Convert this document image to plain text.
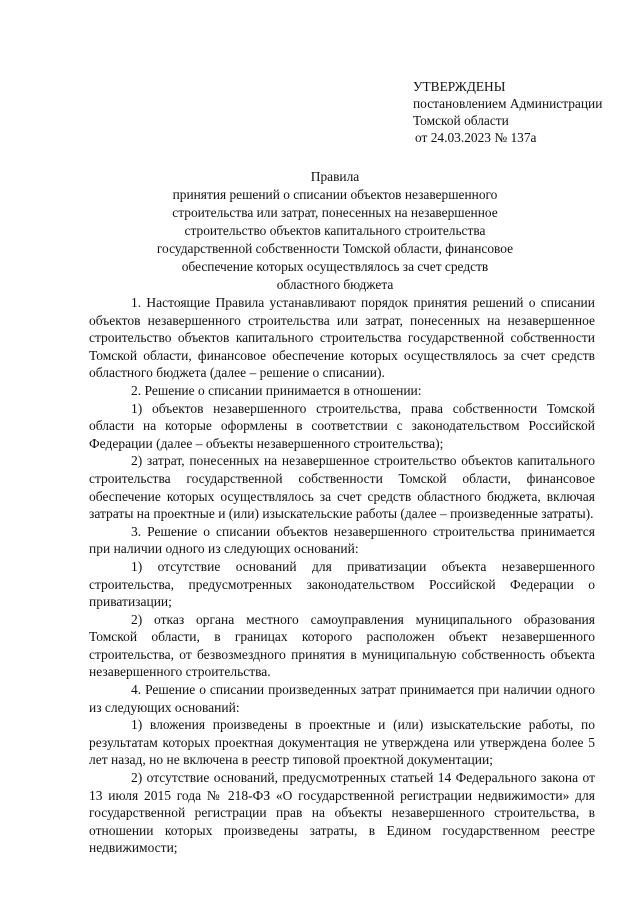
УТВЕРЖДЕНЫ
постановлением Администрации
Томской области
от 24.03.2023 № 137а
Правила
принятия решений о списании объектов незавершенного
строительства или затрат, понесенных на незавершенное
строительство объектов капитального строительства
государственной собственности Томской области, финансовое
обеспечение которых осуществлялось за счет средств
областного бюджета

1. Настоящие Правила устанавливают порядок принятия решений о списании объектов незавершенного строительства или затрат, понесенных на незавершенное строительство объектов капитального строительства государственной собственности Томской области, финансовое обеспечение которых осуществлялось за счет средств областного бюджета (далее – решение о списании).

2. Решение о списании принимается в отношении:

1) объектов незавершенного строительства, права собственности Томской области на которые оформлены в соответствии с законодательством Российской Федерации (далее – объекты незавершенного строительства);

2) затрат, понесенных на незавершенное строительство объектов капитального строительства государственной собственности Томской области, финансовое обеспечение которых осуществлялось за счет средств областного бюджета, включая затраты на проектные и (или) изыскательские работы (далее – произведенные затраты).

3. Решение о списании объектов незавершенного строительства принимается при наличии одного из следующих оснований:

1) отсутствие оснований для приватизации объекта незавершенного строительства, предусмотренных законодательством Российской Федерации о приватизации;

2) отказ органа местного самоуправления муниципального образования Томской области, в границах которого расположен объект незавершенного строительства, от безвозмездного принятия в муниципальную собственность объекта незавершенного строительства.

4. Решение о списании произведенных затрат принимается при наличии одного из следующих оснований:

1) вложения произведены в проектные и (или) изыскательские работы, по результатам которых проектная документация не утверждена или утверждена более 5 лет назад, но не включена в реестр типовой проектной документации;

2) отсутствие оснований, предусмотренных статьей 14 Федерального закона от 13 июля 2015 года № 218-ФЗ «О государственной регистрации недвижимости» для государственной регистрации прав на объекты незавершенного строительства, в отношении которых произведены затраты, в Едином государственном реестре недвижимости;
